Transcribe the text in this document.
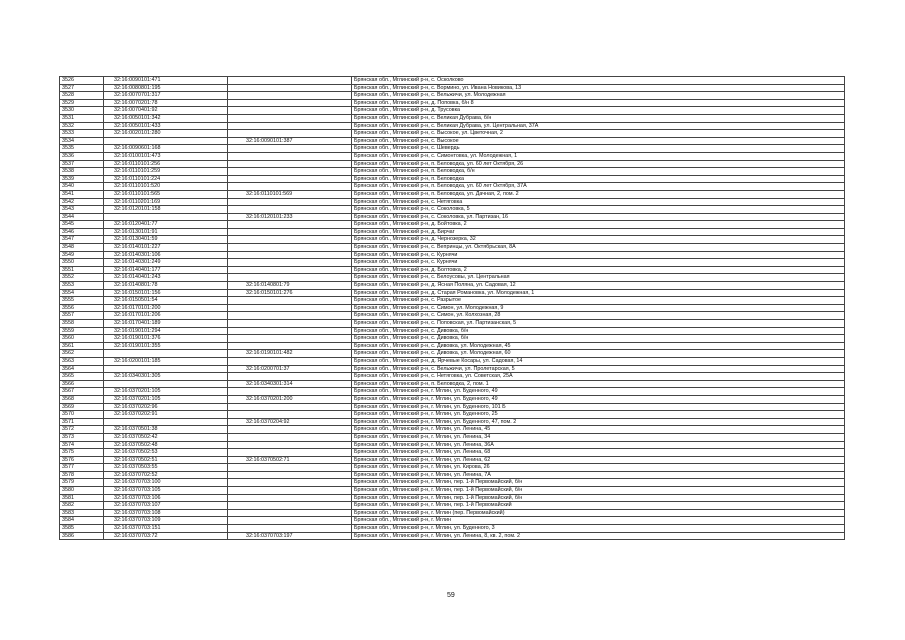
3526	32:16:0090101:471		Брянская обл., Мглинский р-н, с. Осколково
3527	32:16:0080801:195		Брянская обл., Мглинский р-н, с. Вормино, ул. Ивана Новикова, 13
3528	32:16:0070701:317		Брянская обл., Мглинский р-н, с. Вельжичи, ул. Молодежная
3529	32:16:0070201:78		Брянская обл., Мглинский р-н, д. Поповка, б/н 8
3530	32:16:0070401:92		Брянская обл., Мглинский р-н, д. Трусовка
3531	32:16:0050101:342		Брянская обл., Мглинский р-н, с. Великая Дубрава, б/н
3532	32:16:0050101:433		Брянская обл., Мглинский р-н, с. Великая Дубрава, ул. Центральная, 37А
3533	32:16:0020101:280		Брянская обл., Мглинский р-н, с. Высокое, ул. Цветочная, 2
3534		32:16:0090101:387	Брянская обл., Мглинский р-н, с. Высокое
3535	32:16:0090601:168		Брянская обл., Мглинский р-н, с. Шевердь
3536	32:16:0100101:473		Брянская обл., Мглинский р-н, с. Симонтовка, ул. Молодежная, 1
3537	32:16:0110101:256		Брянская обл., Мглинский р-н, п. Беловодка, ул. 60 лет Октября, 26
3538	32:16:0110101:259		Брянская обл., Мглинский р-н, п. Беловодка, б/н
3539	32:16:0110101:224		Брянская обл., Мглинский р-н, п. Беловодка
3540	32:16:0110101:520		Брянская обл., Мглинский р-н, п. Беловодка, ул. 60 лет Октября, 37А
3541	32:16:0110101:565	32:16:0110101:569	Брянская обл., Мглинский р-н, п. Беловодка, ул. Дачная, 2, пом. 2
3542	32:16:0110201:169		Брянская обл., Мглинский р-н, с. Нетяговка
3543	32:16:0120101:158		Брянская обл., Мглинский р-н, с. Соколовка, 5
3544		32:16:0120101:233	Брянская обл., Мглинский р-н, с. Соколовка, ул. Партизан, 16
3545	32:16:0120401:77		Брянская обл., Мглинский р-н, д. Бойтовка, 2
3546	32:16:0130101:91		Брянская обл., Мглинский р-н, д. Бирчаг
3547	32:16:0130401:59		Брянская обл., Мглинский р-н, д. Чернозерка, 32
3548	32:16:0140101:227		Брянская обл., Мглинский р-н, с. Вепринцы, ул. Октябрьская, 8А
3549	32:16:0140301:106		Брянская обл., Мглинский р-н, с. Курнячи
3550	32:16:0140301:249		Брянская обл., Мглинский р-н, с. Курнячи
3551	32:16:0140401:177		Брянская обл., Мглинский р-н, д. Болтовка, 2
3552	32:16:0140401:243		Брянская обл., Мглинский р-н, с. Белоусовы, ул. Центральная
3553	32:16:0140801:78	32:16:0140801:79	Брянская обл., Мглинский р-н, д. Ясная Поляна, ул. Садовая, 12
3554	32:16:0150101:156	32:16:0150101:276	Брянская обл., Мглинский р-н, д. Старая Романовка, ул. Молодежная, 1
3555	32:16:0150501:54		Брянская обл., Мглинский р-н, с. Разрытое
3556	32:16:0170101:200		Брянская обл., Мглинский р-н, с. Симон, ул. Молодежная, 9
3557	32:16:0170101:206		Брянская обл., Мглинский р-н, с. Симон, ул. Колхозная, 28
3558	32:16:0170401:189		Брянская обл., Мглинский р-н, с. Поповская, ул. Партизанская, 5
3559	32:16:0190101:294		Брянская обл., Мглинский р-н, с. Дивовка, б/н
3560	32:16:0190101:376		Брянская обл., Мглинский р-н, с. Дивовка, б/н
3561	32:16:0190101:355		Брянская обл., Мглинский р-н, с. Дивовка, ул. Молодежная, 45
3562		32:16:0190101:482	Брянская обл., Мглинский р-н, с. Дивовка, ул. Молодежная, 60
3563	32:16:0200101:185		Брянская обл., Мглинский р-н, д. Ярчевые Косары, ул. Садовая, 14
3564		32:16:0200701:37	Брянская обл., Мглинский р-н, с. Вельжичи, ул. Пролетарская, 5
3565	32:16:0340301:305		Брянская обл., Мглинский р-н, с. Нетяговка, ул. Советская, 25А
3566		32:16:0340301:314	Брянская обл., Мглинский р-н, п. Беловодка, 2, пом. 1
3567	32:16:0370201:105		Брянская обл., Мглинский р-н, г. Мглин, ул. Буденного, 49
3568	32:16:0370201:105	32:16:0370201:200	Брянская обл., Мглинский р-н, г. Мглин, ул. Буденного, 49
3569	32:16:0370202:96		Брянская обл., Мглинский р-н, г. Мглин, ул. Буденного, 101 Б
3570	32:16:0370202:91		Брянская обл., Мглинский р-н, г. Мглин, ул. Буденного, 25
3571		32:16:0370204:92	Брянская обл., Мглинский р-н, г. Мглин, ул. Буденного, 47, пом. 2
3572	32:16:0370501:38		Брянская обл., Мглинский р-н, г. Мглин, ул. Ленина, 45
3573	32:16:0370502:42		Брянская обл., Мглинский р-н, г. Мглин, ул. Ленина, 34
3574	32:16:0370502:48		Брянская обл., Мглинский р-н, г. Мглин, ул. Ленина, 36А
3575	32:16:0370502:53		Брянская обл., Мглинский р-н, г. Мглин, ул. Ленина, 68
3576	32:16:0370502:51	32:16:0370502:71	Брянская обл., Мглинский р-н, г. Мглин, ул. Ленина, 62
3577	32:16:0370503:55		Брянская обл., Мглинский р-н, г. Мглин, ул. Кирова, 26
3578	32:16:0370702:52		Брянская обл., Мглинский р-н, г. Мглин, ул. Ленина, 7А
3579	32:16:0370703:100		Брянская обл., Мглинский р-н, г. Мглин, пер. 1-й Первомайский, б/н
3580	32:16:0370703:105		Брянская обл., Мглинский р-н, г. Мглин, пер. 1-й Первомайский, б/н
3581	32:16:0370703:106		Брянская обл., Мглинский р-н, г. Мглин, пер. 1-й Первомайский, б/н
3582	32:16:0370703:107		Брянская обл., Мглинский р-н, г. Мглин, пер. 1-й Первомайский
3583	32:16:0370703:108		Брянская обл., Мглинский р-н, г. Мглин (пер. Первомайский)
3584	32:16:0370703:109		Брянская обл., Мглинский р-н, г. Мглин
3585	32:16:0370703:151		Брянская обл., Мглинский р-н, г. Мглин, ул. Буденного, 3
3586	32:16:0370703:72	32:16:0370703:197	Брянская обл., Мглинский р-н, г. Мглин, ул. Ленина, 8, кв. 2, пом. 2
59
